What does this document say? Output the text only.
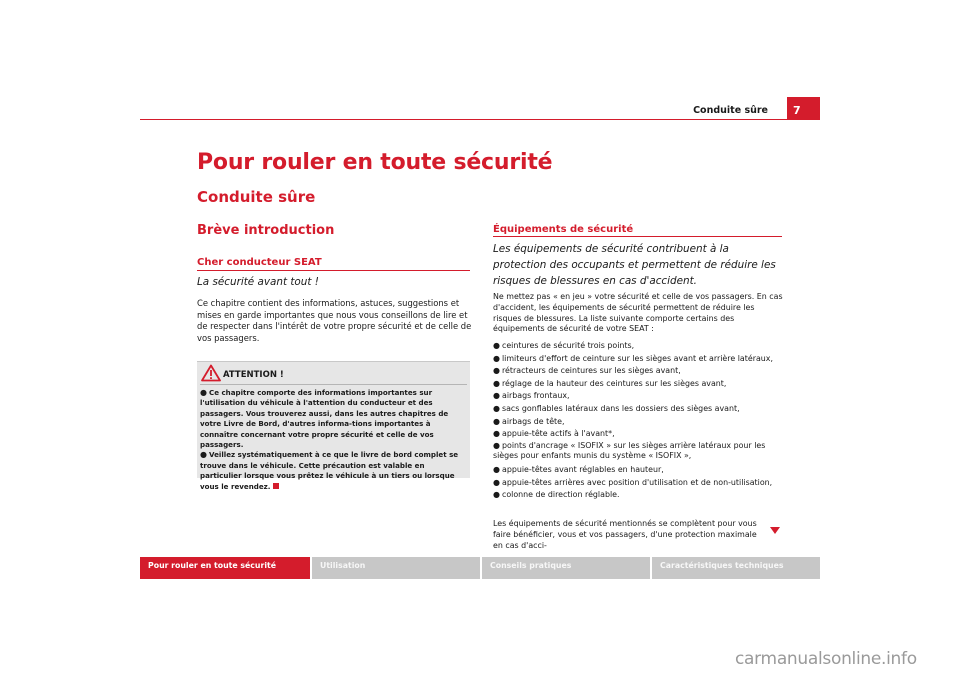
Conduite sûre	7
Pour rouler en toute sécurité
Conduite sûre
Brève introduction
Cher conducteur SEAT
La sécurité avant tout !
Ce chapitre contient des informations, astuces, suggestions et mises en garde importantes que nous vous conseillons de lire et de respecter dans l'intérêt de votre propre sécurité et de celle de vos passagers.
ATTENTION !

● Ce chapitre comporte des informations importantes sur l'utilisation du véhicule à l'attention du conducteur et des passagers. Vous trouverez aussi, dans les autres chapitres de votre Livre de Bord, d'autres informa-tions importantes à connaître concernant votre propre sécurité et celle de vos passagers.

● Veillez systématiquement à ce que le livre de bord complet se trouve dans le véhicule. Cette précaution est valable en particulier lorsque vous prêtez le véhicule à un tiers ou lorsque vous le revendez.

Équipements de sécurité
Les équipements de sécurité contribuent à la protection des occupants et permettent de réduire les risques de blessures en cas d'accident.
Ne mettez pas « en jeu » votre sécurité et celle de vos passagers. En cas d'accident, les équipements de sécurité permettent de réduire les risques de blessures. La liste suivante comporte certains des équipements de sécurité de votre SEAT :
● ceintures de sécurité trois points,
● limiteurs d'effort de ceinture sur les sièges avant et arrière latéraux,
● rétracteurs de ceintures sur les sièges avant,
● réglage de la hauteur des ceintures sur les sièges avant,
● airbags frontaux,
● sacs gonflables latéraux dans les dossiers des sièges avant,
● airbags de tête,
● appuie-tête actifs à l'avant*,
● points d'ancrage « ISOFIX » sur les sièges arrière latéraux pour les sièges pour enfants munis du système « ISOFIX »,
● appuie-têtes avant réglables en hauteur,
● appuie-têtes arrières avec position d'utilisation et de non-utilisation,
● colonne de direction réglable.
Les équipements de sécurité mentionnés se complètent pour vous faire bénéficier, vous et vos passagers, d'une protection maximale en cas d'acci-
Pour rouler en toute sécurité	Utilisation	Conseils pratiques	Caractéristiques techniques
carmanualsonline.info
